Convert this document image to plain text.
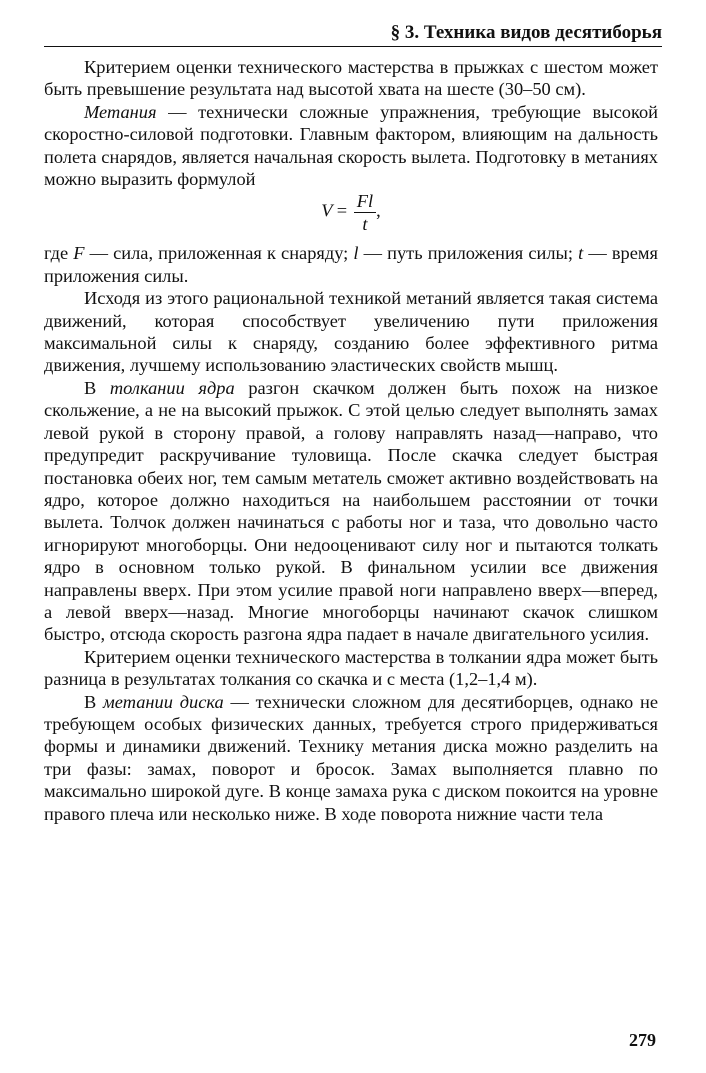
§ 3. Техника видов десятиборья

Критерием оценки технического мастерства в прыжках с шестом может быть превышение результата над высотой хвата на шесте (30–50 см).

Метания — технически сложные упражнения, требующие высокой скоростно-силовой подготовки. Главным фактором, влияющим на дальность полета снарядов, является начальная скорость вылета. Подготовку в метаниях можно выразить формулой

$V = \frac{Fl}{t}$ ,

где F — сила, приложенная к снаряду; l — путь приложения силы; t — время приложения силы.

Исходя из этого рациональной техникой метаний является такая система движений, которая способствует увеличению пути приложения максимальной силы к снаряду, созданию более эффективного ритма движения, лучшему использованию эластических свойств мышц.

В толкании ядра разгон скачком должен быть похож на низкое скольжение, а не на высокий прыжок. С этой целью следует выполнять замах левой рукой в сторону правой, а голову направлять назад—направо, что предупредит раскручивание туловища. После скачка следует быстрая постановка обеих ног, тем самым метатель сможет активно воздействовать на ядро, которое должно находиться на наибольшем расстоянии от точки вылета. Толчок должен начинаться с работы ног и таза, что довольно часто игнорируют многоборцы. Они недооценивают силу ног и пытаются толкать ядро в основном только рукой. В финальном усилии все движения направлены вверх. При этом усилие правой ноги направлено вверх—вперед, а левой вверх—назад. Многие многоборцы начинают скачок слишком быстро, отсюда скорость разгона ядра падает в начале двигательного усилия.

Критерием оценки технического мастерства в толкании ядра может быть разница в результатах толкания со скачка и с места (1,2–1,4 м).

В метании диска — технически сложном для десятиборцев, однако не требующем особых физических данных, требуется строго придерживаться формы и динамики движений. Технику метания диска можно разделить на три фазы: замах, поворот и бросок. Замах выполняется плавно по максимально широкой дуге. В конце замаха рука с диском покоится на уровне правого плеча или несколько ниже. В ходе поворота нижние части тела

279
